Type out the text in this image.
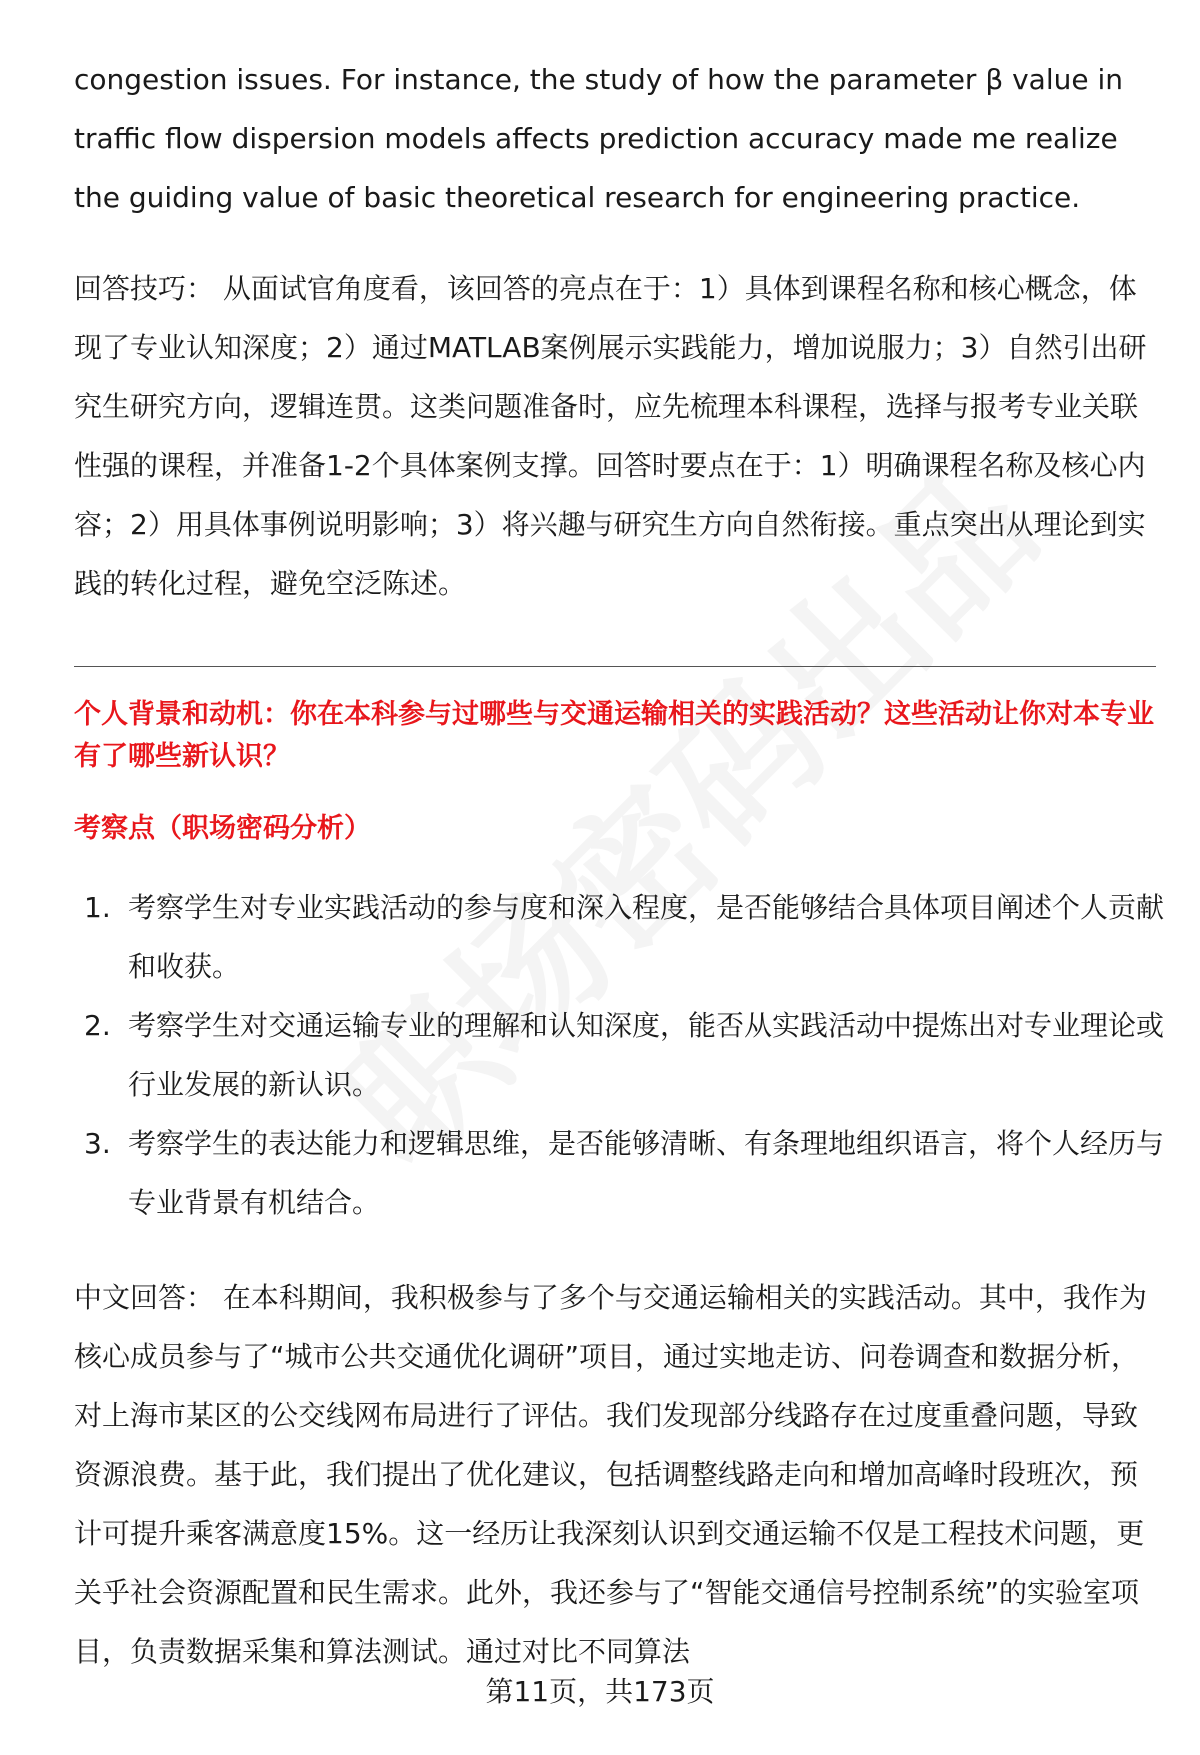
congestion issues. For instance, the study of how the parameter β value in traffic flow dispersion models affects prediction accuracy made me realize the guiding value of basic theoretical research for engineering practice.

回答技巧： 从面试官角度看，该回答的亮点在于：1）具体到课程名称和核心概念，体现了专业认知深度；2）通过MATLAB案例展示实践能力，增加说服力；3）自然引出研究生研究方向，逻辑连贯。这类问题准备时，应先梳理本科课程，选择与报考专业关联性强的课程，并准备1-2个具体案例支撑。回答时要点在于：1）明确课程名称及核心内容；2）用具体事例说明影响；3）将兴趣与研究生方向自然衔接。重点突出从理论到实践的转化过程，避免空泛陈述。

个人背景和动机：你在本科参与过哪些与交通运输相关的实践活动？这些活动让你对本专业有了哪些新认识？
考察点（职场密码分析）
1. 考察学生对专业实践活动的参与度和深入程度，是否能够结合具体项目阐述个人贡献和收获。
2. 考察学生对交通运输专业的理解和认知深度，能否从实践活动中提炼出对专业理论或行业发展的新认识。
3. 考察学生的表达能力和逻辑思维，是否能够清晰、有条理地组织语言，将个人经历与专业背景有机结合。

中文回答： 在本科期间，我积极参与了多个与交通运输相关的实践活动。其中，我作为核心成员参与了“城市公共交通优化调研”项目，通过实地走访、问卷调查和数据分析，对上海市某区的公交线网布局进行了评估。我们发现部分线路存在过度重叠问题，导致资源浪费。基于此，我们提出了优化建议，包括调整线路走向和增加高峰时段班次，预计可提升乘客满意度15%。这一经历让我深刻认识到交通运输不仅是工程技术问题，更关乎社会资源配置和民生需求。此外，我还参与了“智能交通信号控制系统”的实验室项目，负责数据采集和算法测试。通过对比不同算法

第11页，共173页
